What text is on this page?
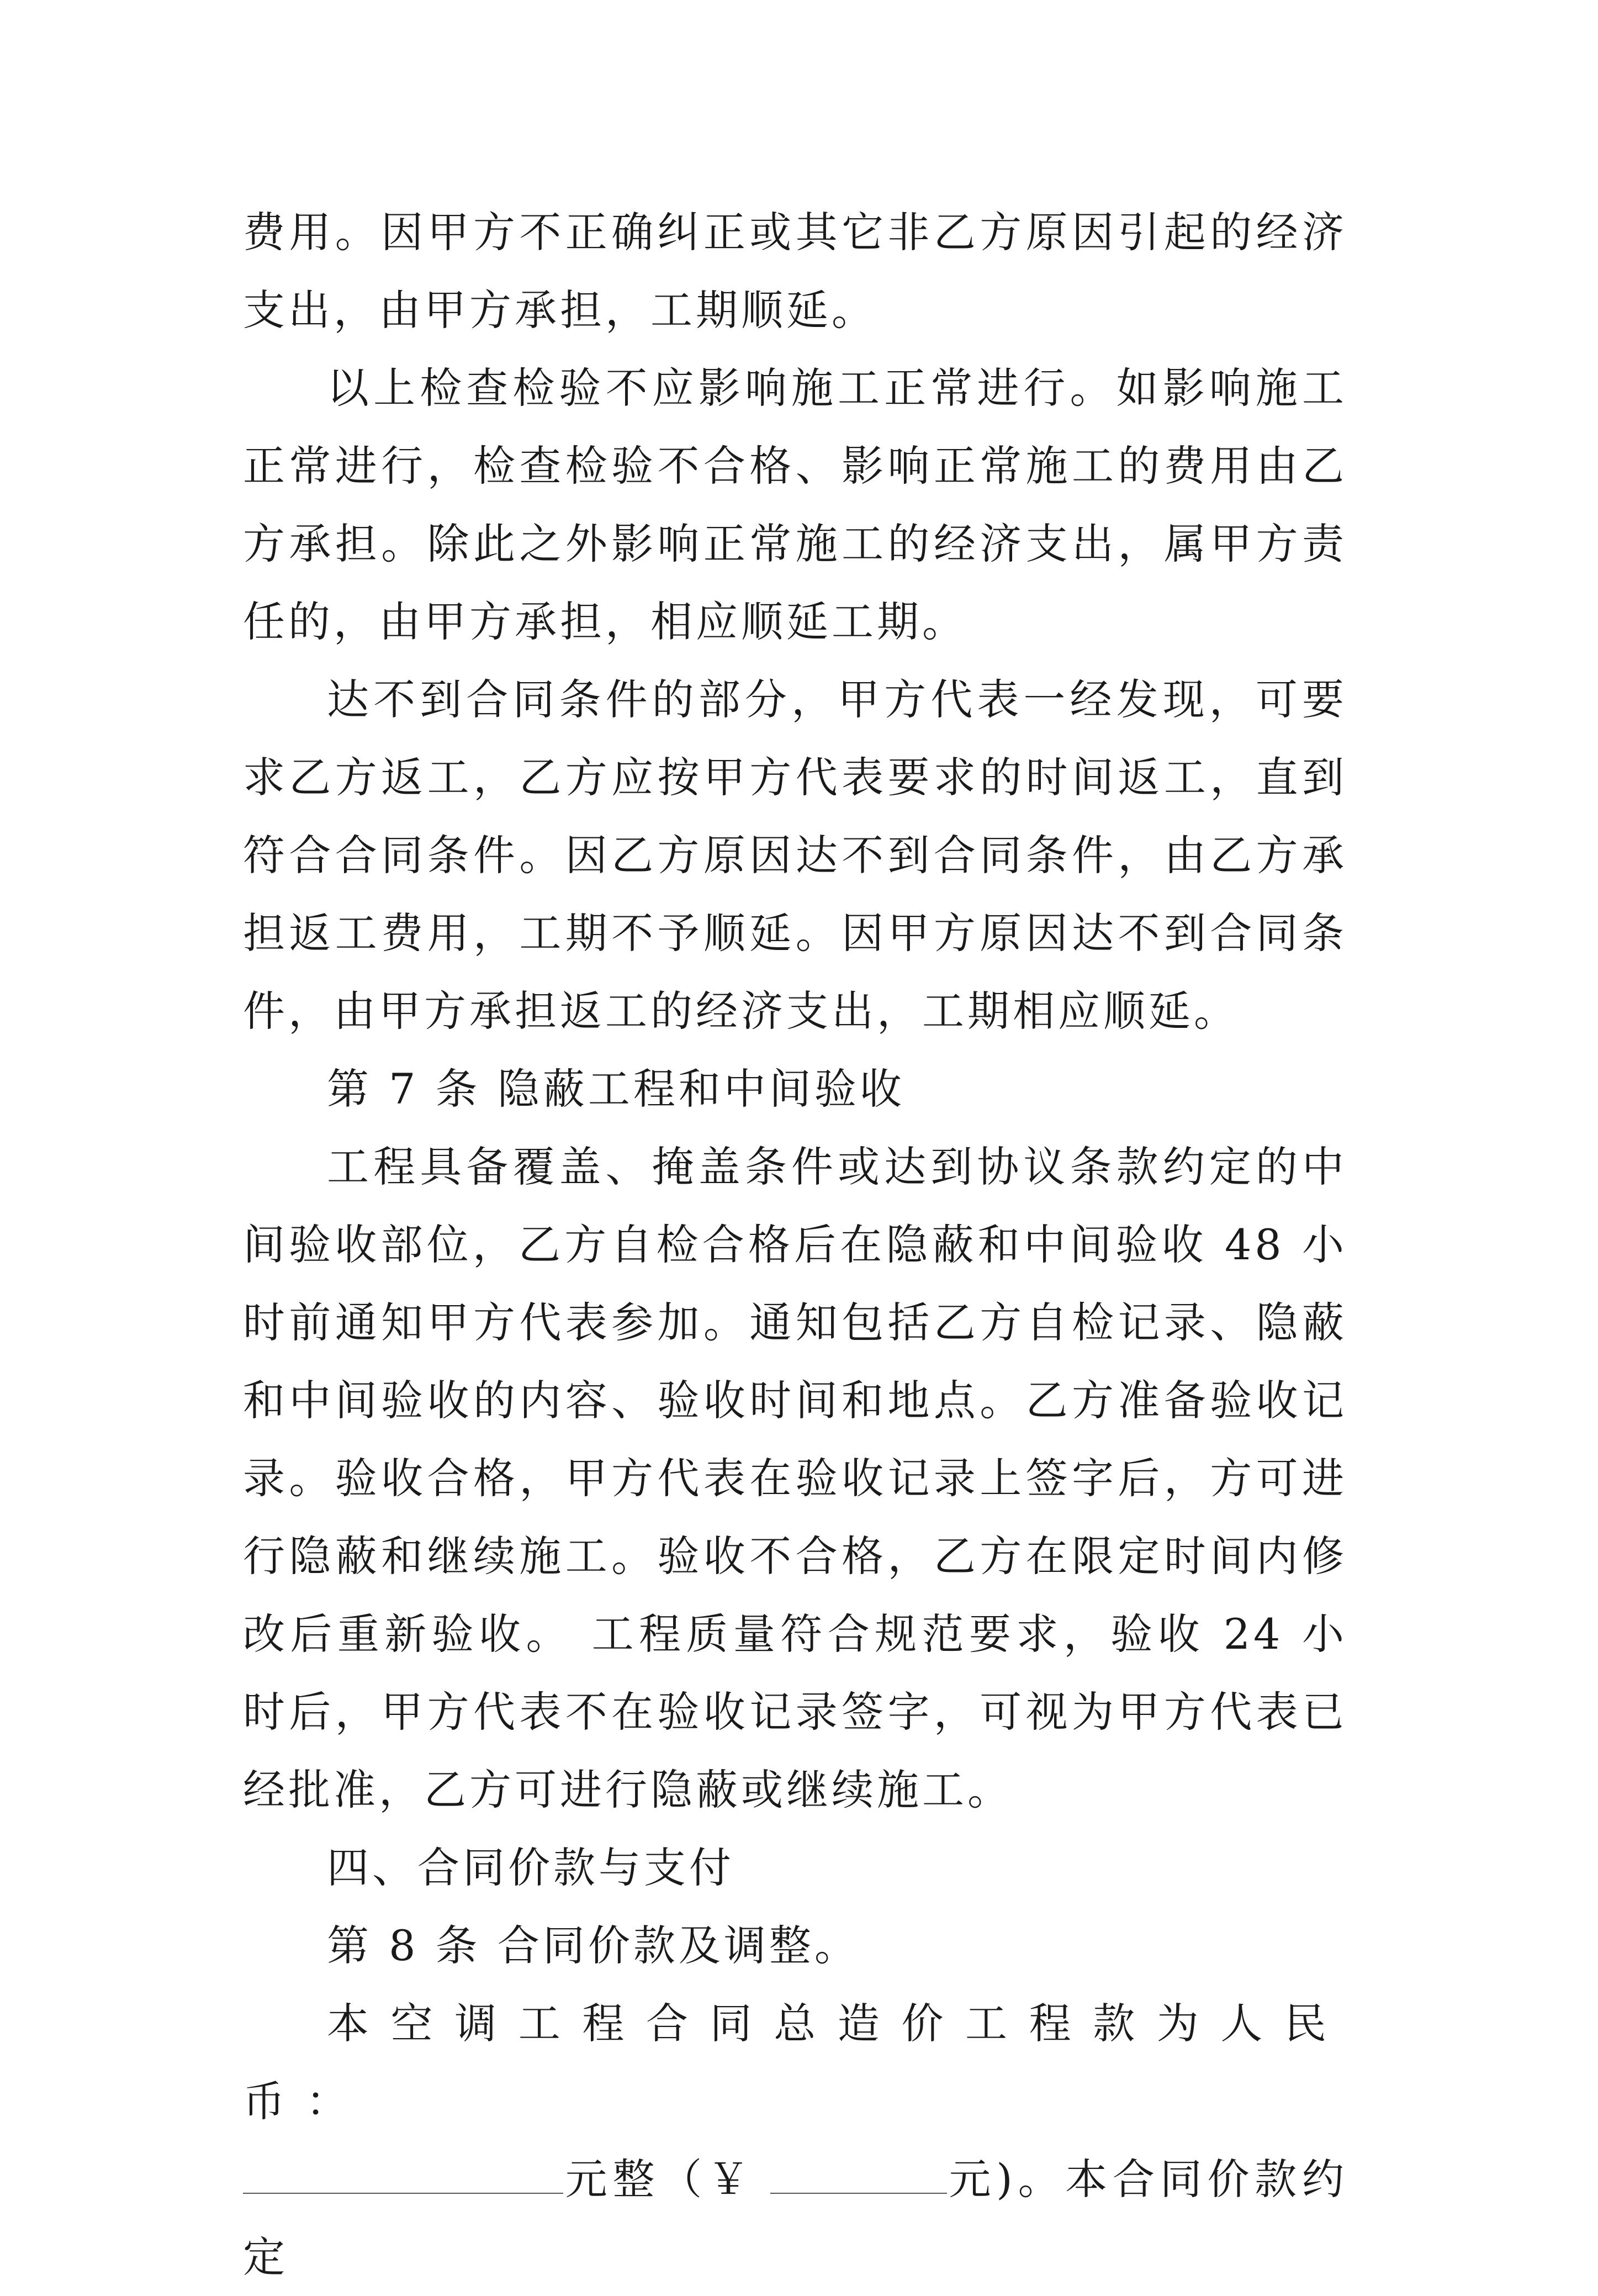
费用。因甲方不正确纠正或其它非乙方原因引起的经济支出，由甲方承担，工期顺延。

以上检查检验不应影响施工正常进行。如影响施工正常进行，检查检验不合格、影响正常施工的费用由乙方承担。除此之外影响正常施工的经济支出，属甲方责任的，由甲方承担，相应顺延工期。

达不到合同条件的部分，甲方代表一经发现，可要求乙方返工，乙方应按甲方代表要求的时间返工，直到符合合同条件。因乙方原因达不到合同条件，由乙方承担返工费用，工期不予顺延。因甲方原因达不到合同条件，由甲方承担返工的经济支出，工期相应顺延。

第 7 条 隐蔽工程和中间验收

工程具备覆盖、掩盖条件或达到协议条款约定的中间验收部位，乙方自检合格后在隐蔽和中间验收 48 小时前通知甲方代表参加。通知包括乙方自检记录、隐蔽和中间验收的内容、验收时间和地点。乙方准备验收记录。验收合格，甲方代表在验收记录上签字后，方可进行隐蔽和继续施工。验收不合格，乙方在限定时间内修改后重新验收。 工程质量符合规范要求，验收 24 小时后，甲方代表不在验收记录签字，可视为甲方代表已经批准，乙方可进行隐蔽或继续施工。

四、合同价款与支付

第 8 条 合同价款及调整。

本空调工程合同总造价工程款为人民币：

元整（￥	元)。本合同价款约定
